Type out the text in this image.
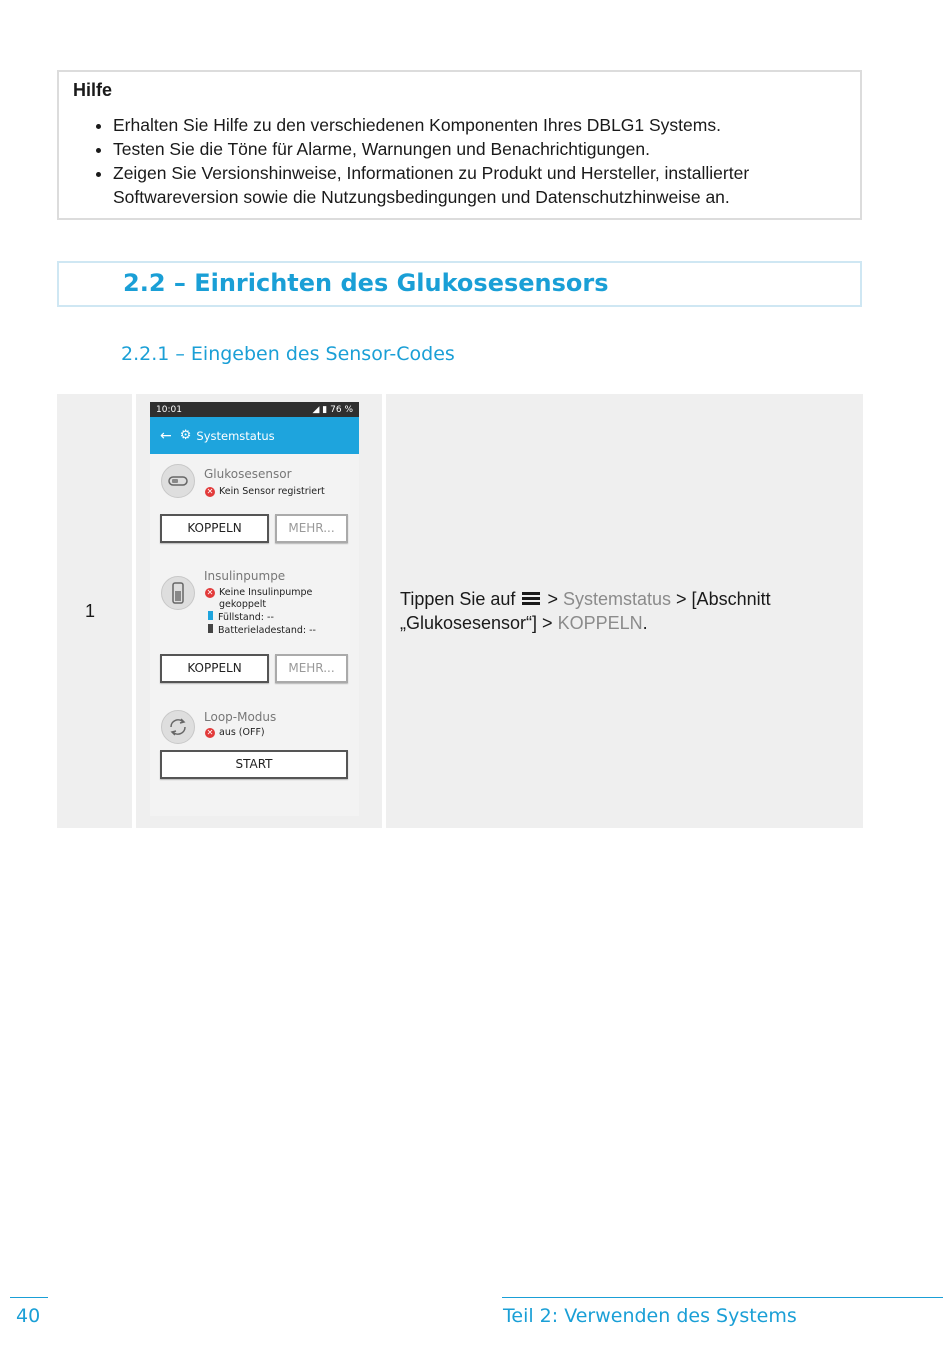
Hilfe

• Erhalten Sie Hilfe zu den verschiedenen Komponenten Ihres DBLG1 Systems.
• Testen Sie die Töne für Alarme, Warnungen und Benachrichtigungen.
• Zeigen Sie Versionshinweise, Informationen zu Produkt und Hersteller, installierter Softwareversion sowie die Nutzungsbedingungen und Datenschutzhinweise an.
2.2 – Einrichten des Glukosesensors
2.2.1 – Eingeben des Sensor-Codes
1
10:01	◢ ▮ 76 %
← ⚙ Systemstatus
Glukosesensor
✕ Kein Sensor registriert
KOPPELN	MEHR...
Insulinpumpe
✕ Keine Insulinpumpe
gekoppelt
Füllstand: --
Batterieladestand: --
KOPPELN	MEHR...
Loop-Modus
✕ aus (OFF)
START
Tippen Sie auf > Systemstatus > [Abschnitt „Glukosesensor“] > KOPPELN.
40	Teil 2: Verwenden des Systems
